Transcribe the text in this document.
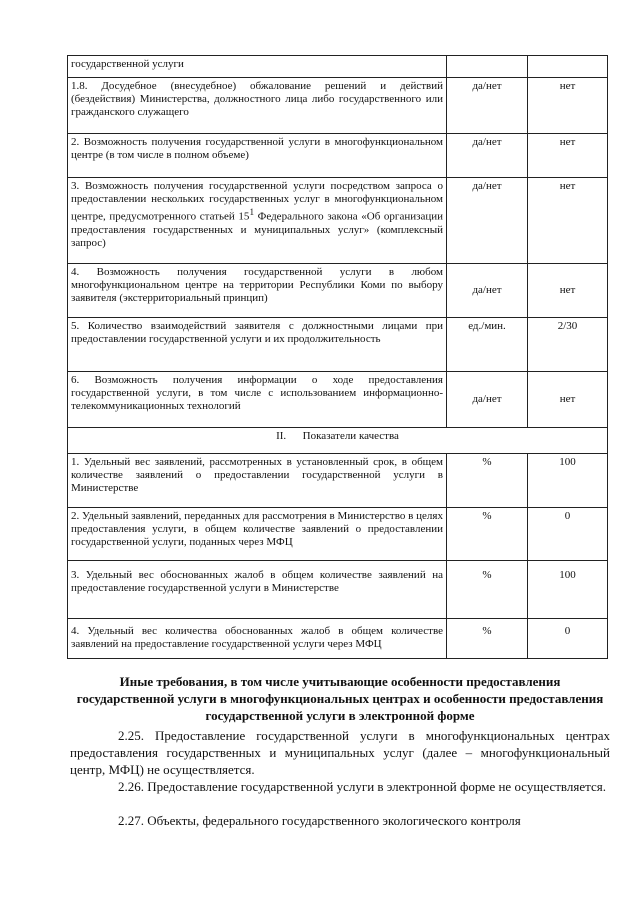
государственной услуги		
1.8. Досудебное (внесудебное) обжалование решений и действий (бездействия) Министерства, должностного лица либо государственного или гражданского служащего	да/нет	нет
2. Возможность получения государственной услуги в многофункциональном центре (в том числе в полном объеме)	да/нет	нет
3. Возможность получения государственной услуги посредством запроса о предоставлении нескольких государственных услуг в многофункциональном центре, предусмотренного статьей $15^1$ Федерального закона «Об организации предоставления государственных и муниципальных услуг» (комплексный запрос)	да/нет	нет
4. Возможность получения государственной услуги в любом многофункциональном центре на территории Республики Коми по выбору заявителя (экстерриториальный принцип)	да/нет	нет
5. Количество взаимодействий заявителя с должностными лицами при предоставлении государственной услуги и их продолжительность	ед./мин.	2/30
6. Возможность получения информации о ходе предоставления государственной услуги, в том числе с использованием информационно-телекоммуникационных технологий	да/нет	нет
II.      Показатели качества		
1. Удельный вес заявлений, рассмотренных в установленный срок, в общем количестве заявлений о предоставлении государственной услуги в Министерстве	%	100
2. Удельный заявлений, переданных для рассмотрения в Министерство в целях предоставления услуги, в общем количестве заявлений о предоставлении государственной услуги, поданных через МФЦ	%	0
3. Удельный вес обоснованных жалоб в общем количестве заявлений на предоставление государственной услуги в Министерстве	%	100
4. Удельный вес количества обоснованных жалоб в общем количестве заявлений на предоставление государственной услуги через МФЦ	%	0
Иные требования, в том числе учитывающие особенности предоставления государственной услуги в многофункциональных центрах и особенности предоставления государственной услуги в электронной форме
2.25. Предоставление государственной услуги в многофункциональных центрах предоставления государственных и муниципальных услуг (далее – многофункциональный центр, МФЦ) не осуществляется.
2.26. Предоставление государственной услуги в электронной форме не осуществляется.
2.27. Объекты, федерального государственного экологического контроля
